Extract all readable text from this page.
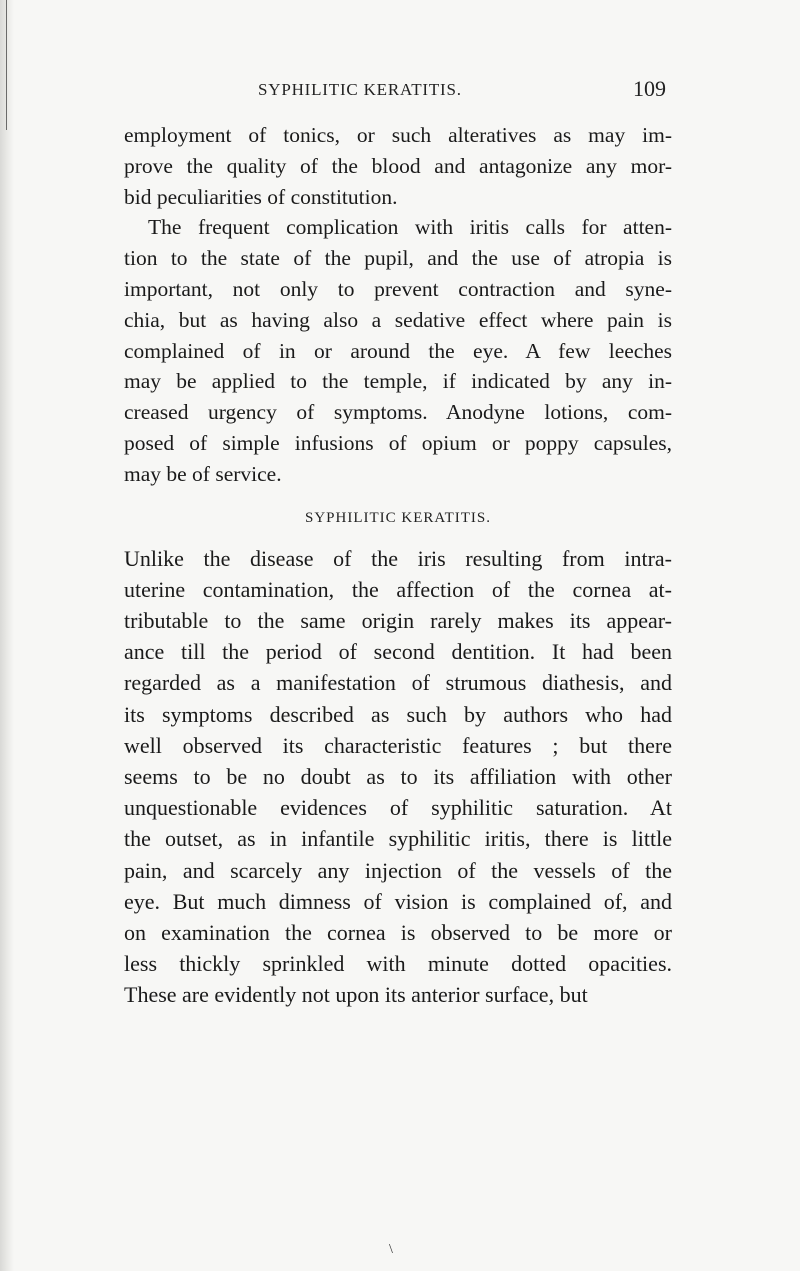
SYPHILITIC KERATITIS.	109

employment of tonics, or such alteratives as may im-

prove the quality of the blood and antagonize any mor-

bid peculiarities of constitution.

The frequent complication with iritis calls for atten-

tion to the state of the pupil, and the use of atropia is

important, not only to prevent contraction and syne-

chia, but as having also a sedative effect where pain is

complained of in or around the eye. A few leeches

may be applied to the temple, if indicated by any in-

creased urgency of symptoms. Anodyne lotions, com-

posed of simple infusions of opium or poppy capsules,

may be of service.

SYPHILITIC KERATITIS.

Unlike the disease of the iris resulting from intra-

uterine contamination, the affection of the cornea at-

tributable to the same origin rarely makes its appear-

ance till the period of second dentition. It had been

regarded as a manifestation of strumous diathesis, and

its symptoms described as such by authors who had

well observed its characteristic features ; but there

seems to be no doubt as to its affiliation with other

unquestionable evidences of syphilitic saturation. At

the outset, as in infantile syphilitic iritis, there is little

pain, and scarcely any injection of the vessels of the

eye. But much dimness of vision is complained of, and

on examination the cornea is observed to be more or

less thickly sprinkled with minute dotted opacities.

These are evidently not upon its anterior surface, but

\
